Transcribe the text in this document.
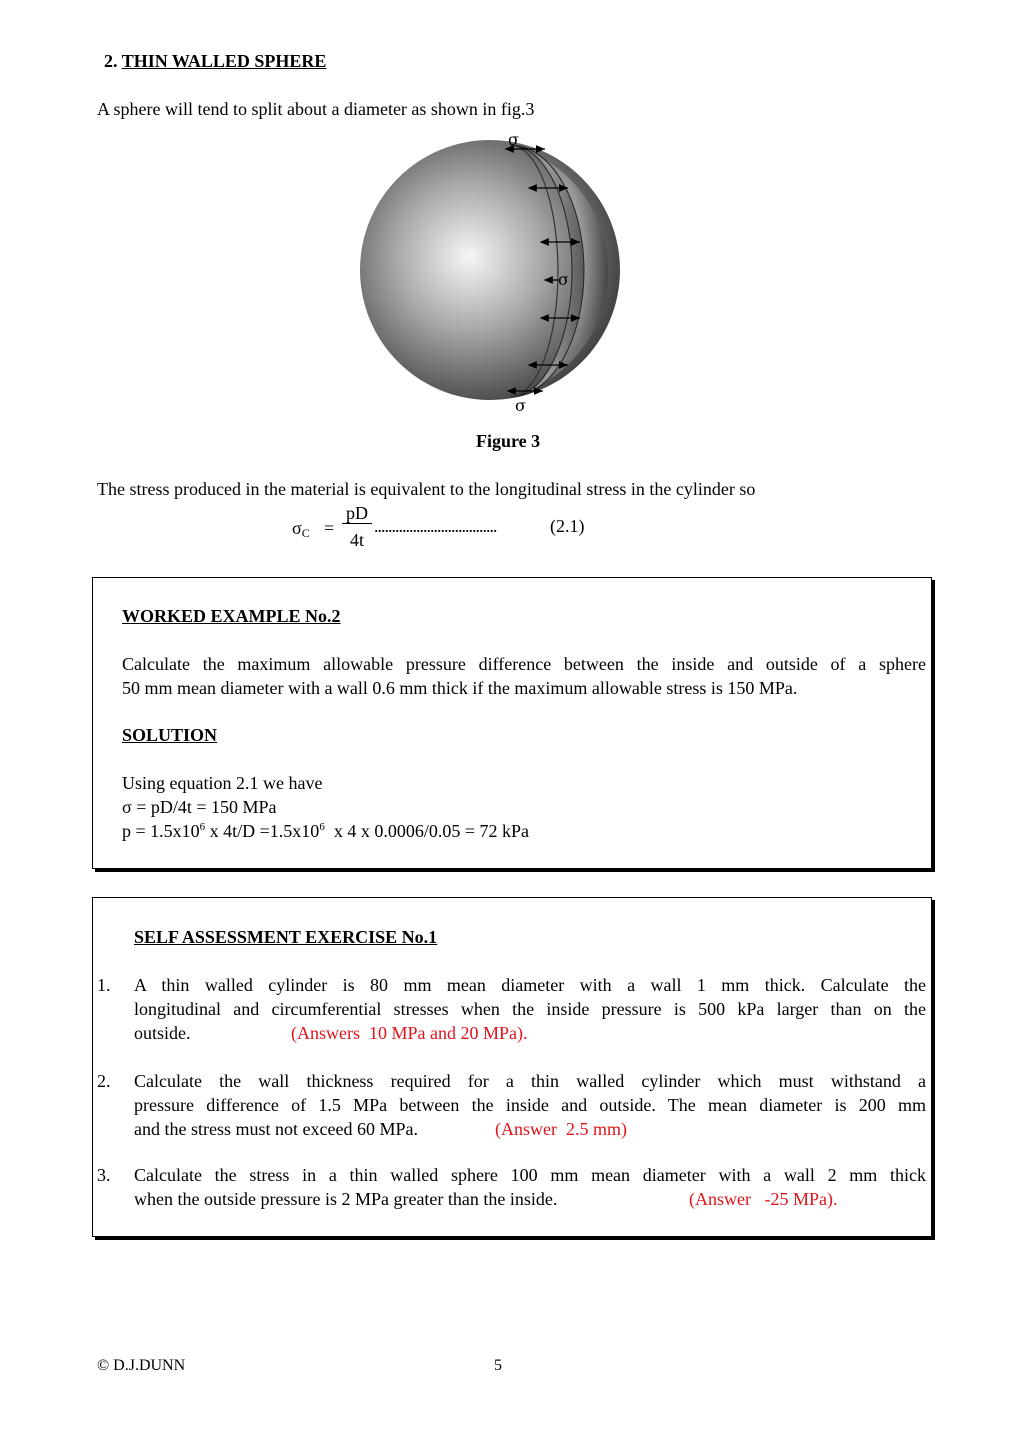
2. THIN WALLED SPHERE
A sphere will tend to split about a diameter as shown in fig.3
σ
σ
σ
Figure 3
The stress produced in the material is equivalent to the longitudinal stress in the cylinder so
$\sigma_C$ =
pD
4t
...................................	(2.1)
WORKED EXAMPLE No.2
Calculate the maximum allowable pressure difference between the inside and outside of a sphere
50 mm mean diameter with a wall 0.6 mm thick if the maximum allowable stress is 150 MPa.
SOLUTION
Using equation 2.1 we have
σ = pD/4t = 150 MPa
$p = 1.5x10^6$ x $4t/D =1.5x10^6$  x 4 x 0.0006/0.05 = 72 kPa
SELF ASSESSMENT EXERCISE No.1
1. A thin walled cylinder is 80 mm mean diameter with a wall 1 mm thick. Calculate the
longitudinal and circumferential stresses when the inside pressure is 500 kPa larger than on the
outside.	(Answers  10 MPa and 20 MPa).
2. Calculate the wall thickness required for a thin walled cylinder which must withstand a
pressure difference of 1.5 MPa between the inside and outside. The mean diameter is 200 mm
and the stress must not exceed 60 MPa.	(Answer  2.5 mm)
3. Calculate the stress in a thin walled sphere 100 mm mean diameter with a wall 2 mm thick
when the outside pressure is 2 MPa greater than the inside.	(Answer   -25 MPa).
© D.J.DUNN	5
